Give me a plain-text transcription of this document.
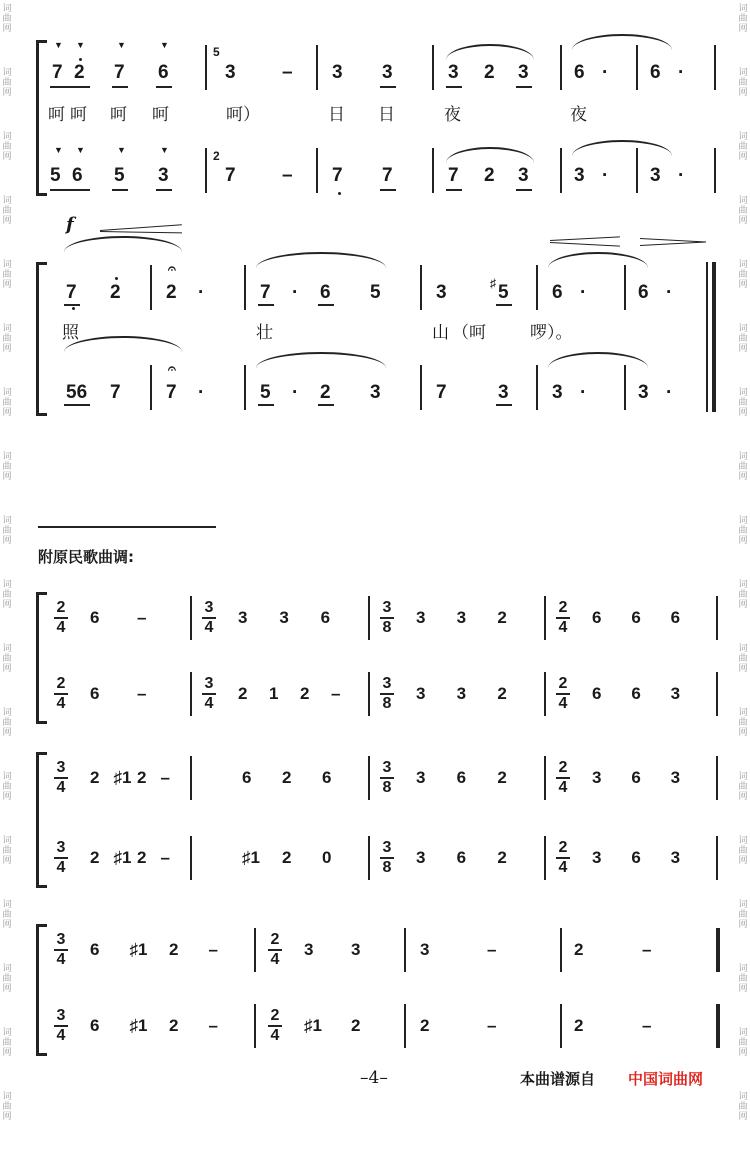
词
曲
网
词
曲
网
词
曲
网
词
曲
网
词
曲
网
词
曲
网
词
曲
网
词
曲
网
词
曲
网
词
曲
网
词
曲
网
词
曲
网
词
曲
网
词
曲
网
词
曲
网
词
曲
网
词
曲
网
词
曲
网
词
曲
网
词
曲
网
词
曲
网
词
曲
网
词
曲
网
词
曲
网
词
曲
网
词
曲
网
词
曲
网
词
曲
网
词
曲
网
词
曲
网
词
曲
网
词
曲
网
词
曲
网
词
曲
网
词
曲
网
词
曲
网
▼ ▼	▼	▼
▼ ▼	▼	▼
7 2 7 6
5
3 – 3 3	3 2 3 6 · 6 ·
呵 呵 呵 呵	呵）	日 日	夜	夜
5 6 5 3
2
7 – 7 7	7 2 3 3 · 3 ·
f
7 2 2
𝄐
·	7 · 6 5	3	♯ 5 6 ·	6 ·
照	壮	山 （呵	啰）。
56 7
𝄐
7 ·	5 · 2 3	7	3 3 ·	3 ·
附原民歌曲调:
2
4
6 –
3
4
3 3 6
3
8
3 3 2
2
4
6 6 6
2
4
6 –
3
4
2 1 2 –
3
8
3 3 2
2
4
6 6 3
3
4
2 ♯1 2 –	6 2 6
3
8
3 6 2
2
4
3 6 3
3
4
2 ♯1 2 –	♯1 2 0
3
8
3 6 2
2
4
3 6 3
3
4
6 ♯1 2 –
2
4
3 3	3	–	2	–
3
4
6 ♯1 2 –
2
4
♯1 2	2	–	2	–
–4–	本曲谱源自 中国词曲网
